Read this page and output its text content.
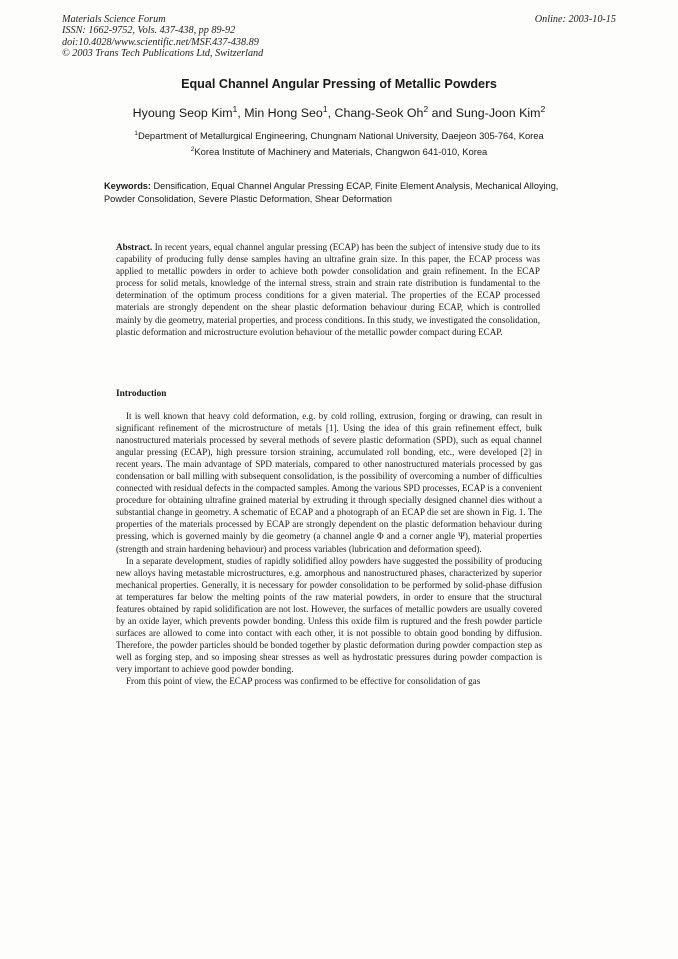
Materials Science Forum
ISSN: 1662-9752, Vols. 437-438, pp 89-92
doi:10.4028/www.scientific.net/MSF.437-438.89
© 2003 Trans Tech Publications Ltd, Switzerland
Online: 2003-10-15
Equal Channel Angular Pressing of Metallic Powders
Hyoung Seop Kim$^1$, Min Hong Seo$^1$, Chang-Seok Oh$^2$ and Sung-Joon Kim$^2$
$^1$Department of Metallurgical Engineering, Chungnam National University, Daejeon 305-764, Korea
$^2$Korea Institute of Machinery and Materials, Changwon 641-010, Korea
Keywords: Densification, Equal Channel Angular Pressing ECAP, Finite Element Analysis, Mechanical Alloying, Powder Consolidation, Severe Plastic Deformation, Shear Deformation
Abstract. In recent years, equal channel angular pressing (ECAP) has been the subject of intensive study due to its capability of producing fully dense samples having an ultrafine grain size. In this paper, the ECAP process was applied to metallic powders in order to achieve both powder consolidation and grain refinement. In the ECAP process for solid metals, knowledge of the internal stress, strain and strain rate distribution is fundamental to the determination of the optimum process conditions for a given material. The properties of the ECAP processed materials are strongly dependent on the shear plastic deformation behaviour during ECAP, which is controlled mainly by die geometry, material properties, and process conditions. In this study, we investigated the consolidation, plastic deformation and microstructure evolution behaviour of the metallic powder compact during ECAP.
Introduction

It is well known that heavy cold deformation, e.g. by cold rolling, extrusion, forging or drawing, can result in significant refinement of the microstructure of metals [1]. Using the idea of this grain refinement effect, bulk nanostructured materials processed by several methods of severe plastic deformation (SPD), such as equal channel angular pressing (ECAP), high pressure torsion straining, accumulated roll bonding, etc., were developed [2] in recent years. The main advantage of SPD materials, compared to other nanostructured materials processed by gas condensation or ball milling with subsequent consolidation, is the possibility of overcoming a number of difficulties connected with residual defects in the compacted samples. Among the various SPD processes, ECAP is a convenient procedure for obtaining ultrafine grained material by extruding it through specially designed channel dies without a substantial change in geometry. A schematic of ECAP and a photograph of an ECAP die set are shown in Fig. 1. The properties of the materials processed by ECAP are strongly dependent on the plastic deformation behaviour during pressing, which is governed mainly by die geometry (a channel angle Φ and a corner angle Ψ), material properties (strength and strain hardening behaviour) and process variables (lubrication and deformation speed).

In a separate development, studies of rapidly solidified alloy powders have suggested the possibility of producing new alloys having metastable microstructures, e.g. amorphous and nanostructured phases, characterized by superior mechanical properties. Generally, it is necessary for powder consolidation to be performed by solid-phase diffusion at temperatures far below the melting points of the raw material powders, in order to ensure that the structural features obtained by rapid solidification are not lost. However, the surfaces of metallic powders are usually covered by an oxide layer, which prevents powder bonding. Unless this oxide film is ruptured and the fresh powder particle surfaces are allowed to come into contact with each other, it is not possible to obtain good bonding by diffusion. Therefore, the powder particles should be bonded together by plastic deformation during powder compaction step as well as forging step, and so imposing shear stresses as well as hydrostatic pressures during powder compaction is very important to achieve good powder bonding.

From this point of view, the ECAP process was confirmed to be effective for consolidation of gas
